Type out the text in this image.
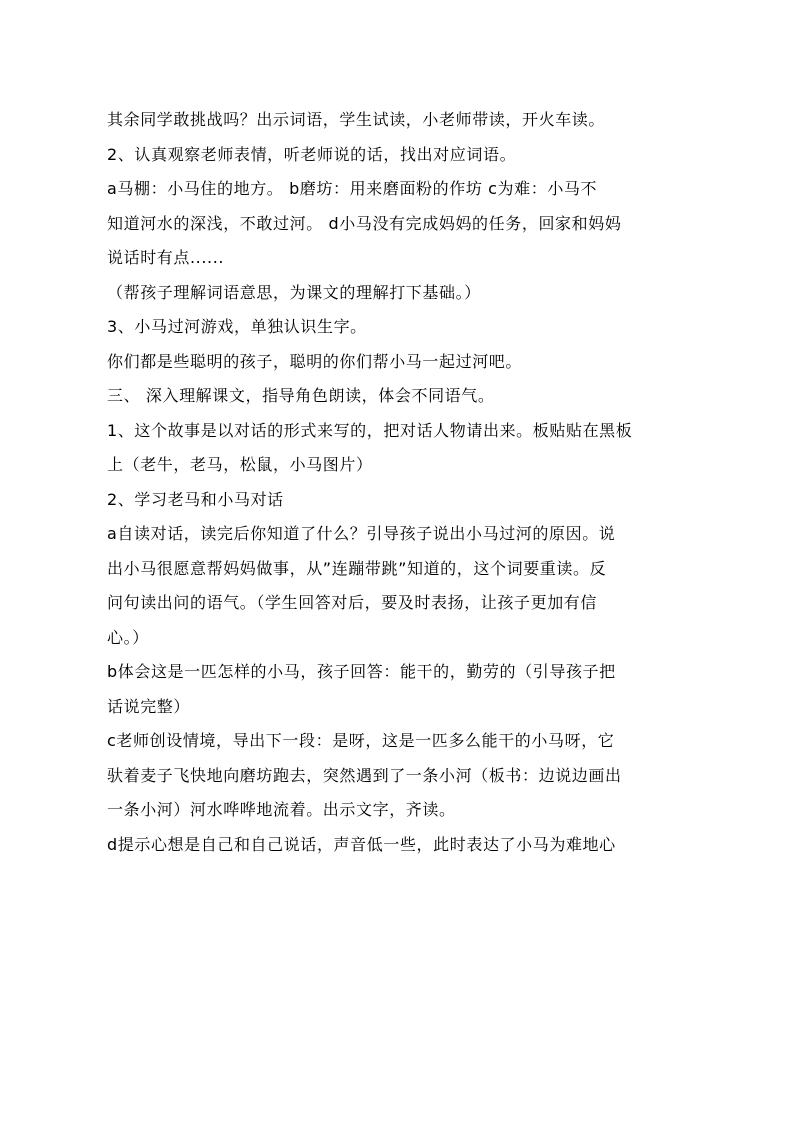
其余同学敢挑战吗？出示词语，学生试读，小老师带读，开火车读。
2、认真观察老师表情，听老师说的话，找出对应词语。
a马棚：小马住的地方。 b磨坊：用来磨面粉的作坊 c为难：小马不
知道河水的深浅，不敢过河。 d小马没有完成妈妈的任务，回家和妈妈
说话时有点......
（帮孩子理解词语意思，为课文的理解打下基础。）
3、小马过河游戏，单独认识生字。
你们都是些聪明的孩子，聪明的你们帮小马一起过河吧。
三、 深入理解课文，指导角色朗读，体会不同语气。
1、这个故事是以对话的形式来写的，把对话人物请出来。板贴贴在黑板
上（老牛，老马，松鼠，小马图片）
2、学习老马和小马对话
a自读对话，读完后你知道了什么？引导孩子说出小马过河的原因。说
出小马很愿意帮妈妈做事，从”连蹦带跳”知道的，这个词要重读。反
问句读出问的语气。（学生回答对后，要及时表扬，让孩子更加有信
心。）
b体会这是一匹怎样的小马，孩子回答：能干的，勤劳的（引导孩子把
话说完整）
c老师创设情境，导出下一段：是呀，这是一匹多么能干的小马呀，它
驮着麦子飞快地向磨坊跑去，突然遇到了一条小河（板书：边说边画出
一条小河）河水哗哗地流着。出示文字，齐读。
d提示心想是自己和自己说话，声音低一些，此时表达了小马为难地心
